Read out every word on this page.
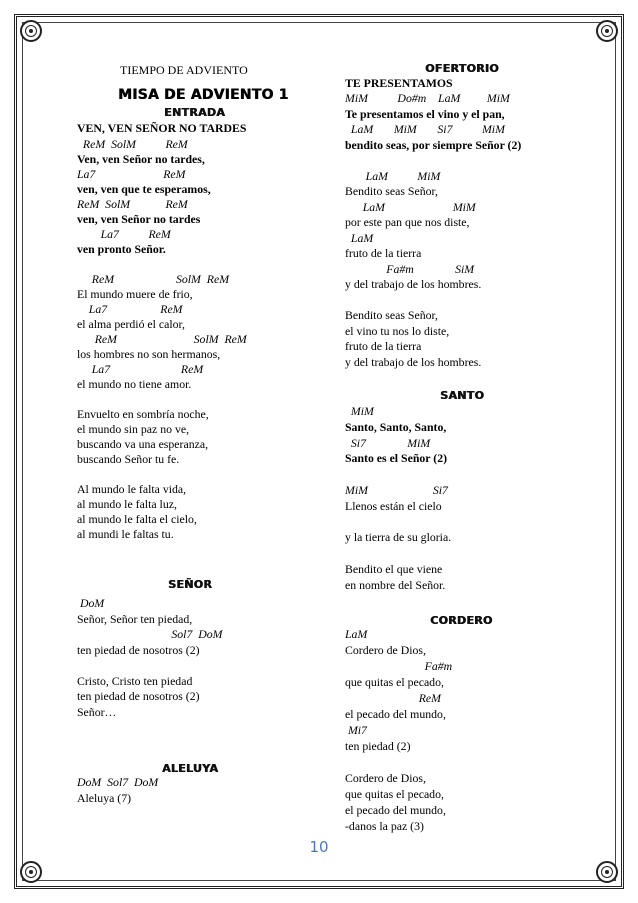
TIEMPO DE ADVIENTO
MISA DE ADVIENTO 1
ENTRADA
VEN, VEN SEÑOR NO TARDES
ReM  SolM          ReM
Ven, ven Señor no tardes,
La7                       ReM
ven, ven que te esperamos,
ReM  SolM            ReM
ven, ven Señor no tardes
La7          ReM
ven pronto Señor.
ReM                     SolM  ReM
El mundo muere de frio,
La7                  ReM
el alma perdió el calor,
ReM                          SolM  ReM
los hombres no son hermanos,
La7                        ReM
el mundo no tiene amor.
Envuelto en sombría noche,
el mundo sin paz no ve,
buscando va una esperanza,
buscando Señor tu fe.
Al mundo le falta vida,
al mundo le falta luz,
al mundo le falta el cielo,
al mundi le faltas tu.
SEÑOR
DoM
Señor, Señor ten piedad,
Sol7  DoM
ten piedad de nosotros (2)
Cristo, Cristo ten piedad
ten piedad de nosotros (2)
Señor…
ALELUYA
DoM  Sol7  DoM
Aleluya (7)
OFERTORIO
TE PRESENTAMOS
MiM          Do#m    LaM         MiM
Te presentamos el vino y el pan,
LaM       MiM       Si7          MiM
bendito seas, por siempre Señor (2)
LaM          MiM
Bendito seas Señor,
LaM                       MiM
por este pan que nos diste,
LaM
fruto de la tierra
Fa#m              SiM
y del trabajo de los hombres.
Bendito seas Señor,
el vino tu nos lo diste,
fruto de la tierra
y del trabajo de los hombres.
SANTO
MiM
Santo, Santo, Santo,
Si7              MiM
Santo es el Señor (2)
MiM                      Si7
Llenos están el cielo
y la tierra de su gloria.
Bendito el que viene
en nombre del Señor.
CORDERO
LaM
Cordero de Dios,
Fa#m
que quitas el pecado,
ReM
el pecado del mundo,
Mi7
ten piedad (2)
Cordero de Dios,
que quitas el pecado,
el pecado del mundo,
-danos la paz (3)
10
